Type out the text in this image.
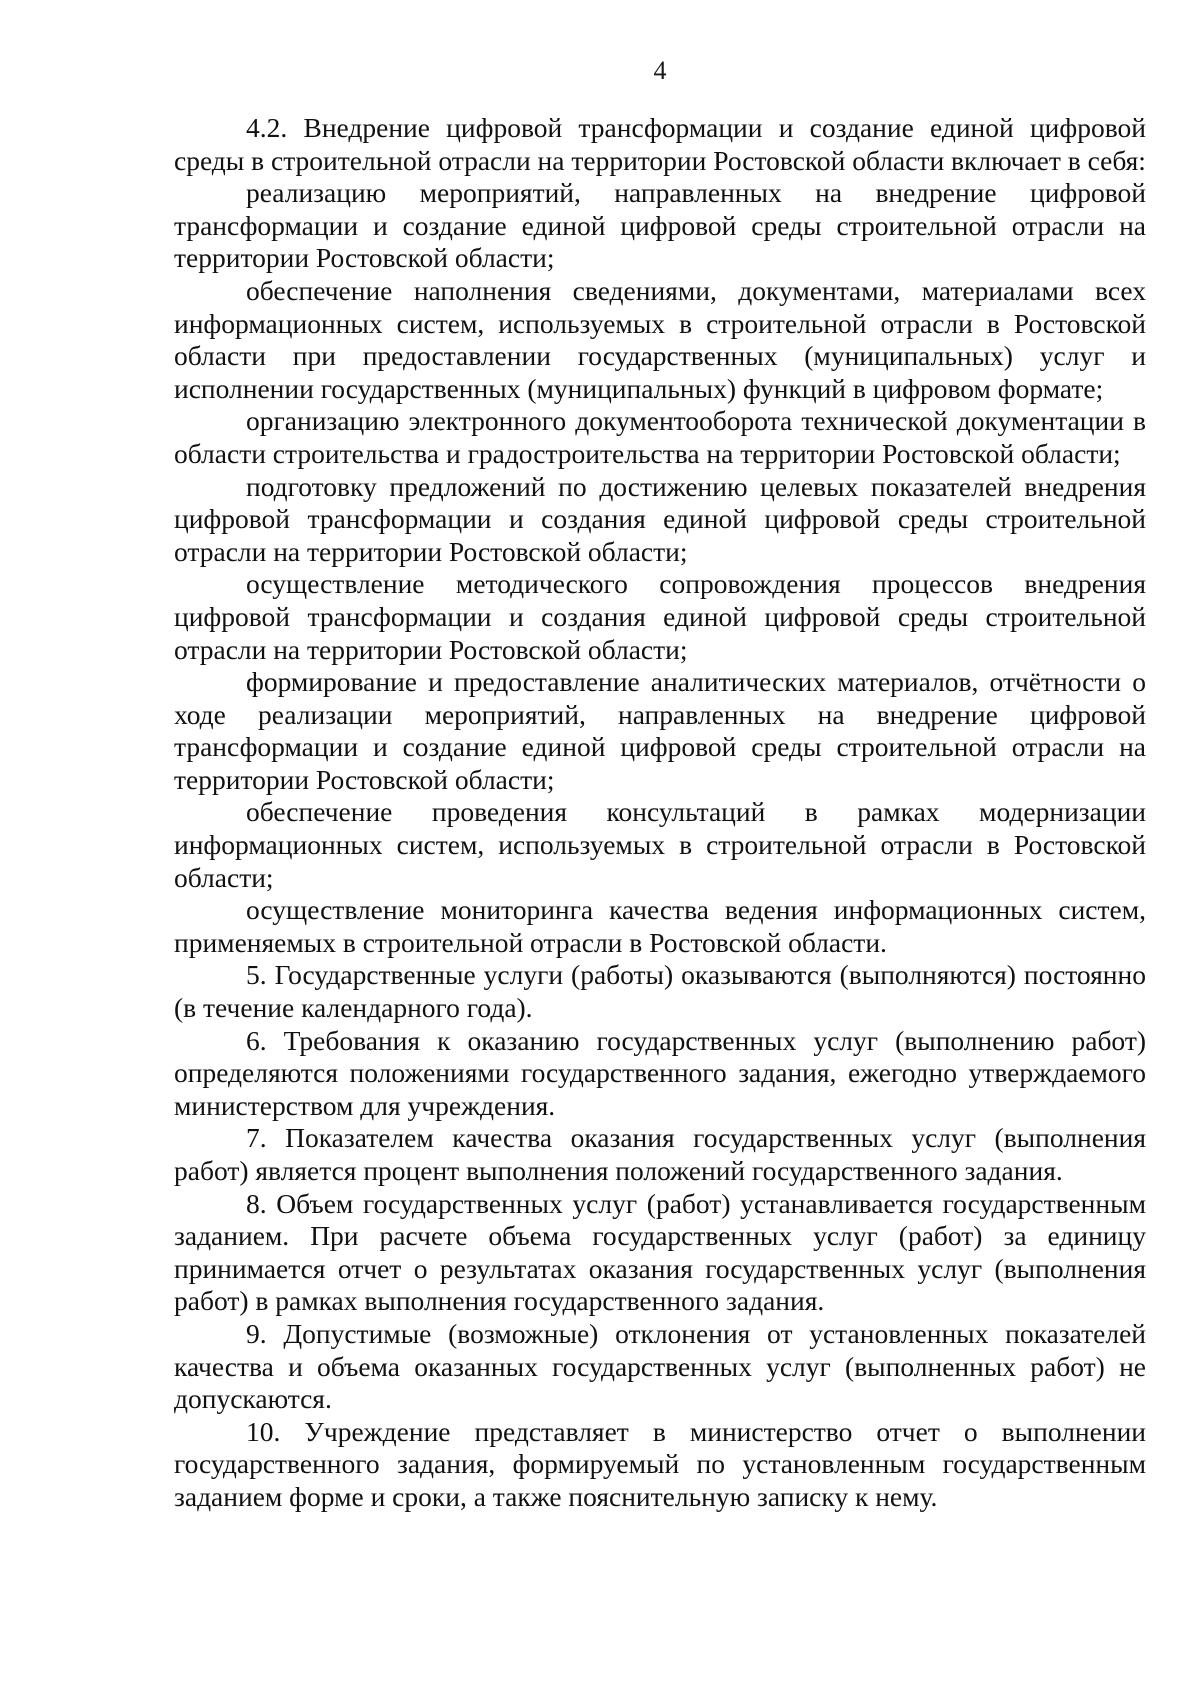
4

4.2. Внедрение цифровой трансформации и создание единой цифровой среды в строительной отрасли на территории Ростовской области включает в себя:

реализацию мероприятий, направленных на внедрение цифровой трансформации и создание единой цифровой среды строительной отрасли на территории Ростовской области;

обеспечение наполнения сведениями, документами, материалами всех информационных систем, используемых в строительной отрасли в Ростовской области при предоставлении государственных (муниципальных) услуг и исполнении государственных (муниципальных) функций в цифровом формате;

организацию электронного документооборота технической документации в области строительства и градостроительства на территории Ростовской области;

подготовку предложений по достижению целевых показателей внедрения цифровой трансформации и создания единой цифровой среды строительной отрасли на территории Ростовской области;

осуществление методического сопровождения процессов внедрения цифровой трансформации и создания единой цифровой среды строительной отрасли на территории Ростовской области;

формирование и предоставление аналитических материалов, отчётности о ходе реализации мероприятий, направленных на внедрение цифровой трансформации и создание единой цифровой среды строительной отрасли на территории Ростовской области;

обеспечение проведения консультаций в рамках модернизации информационных систем, используемых в строительной отрасли в Ростовской области;

осуществление мониторинга качества ведения информационных систем, применяемых в строительной отрасли в Ростовской области.

5. Государственные услуги (работы) оказываются (выполняются) постоянно (в течение календарного года).

6. Требования к оказанию государственных услуг (выполнению работ) определяются положениями государственного задания, ежегодно утверждаемого министерством для учреждения.

7. Показателем качества оказания государственных услуг (выполнения работ) является процент выполнения положений государственного задания.

8. Объем государственных услуг (работ) устанавливается государственным заданием. При расчете объема государственных услуг (работ) за единицу принимается отчет о результатах оказания государственных услуг (выполнения работ) в рамках выполнения государственного задания.

9. Допустимые (возможные) отклонения от установленных показателей качества и объема оказанных государственных услуг (выполненных работ) не допускаются.

10. Учреждение представляет в министерство отчет о выполнении государственного задания, формируемый по установленным государственным заданием форме и сроки, а также пояснительную записку к нему.
